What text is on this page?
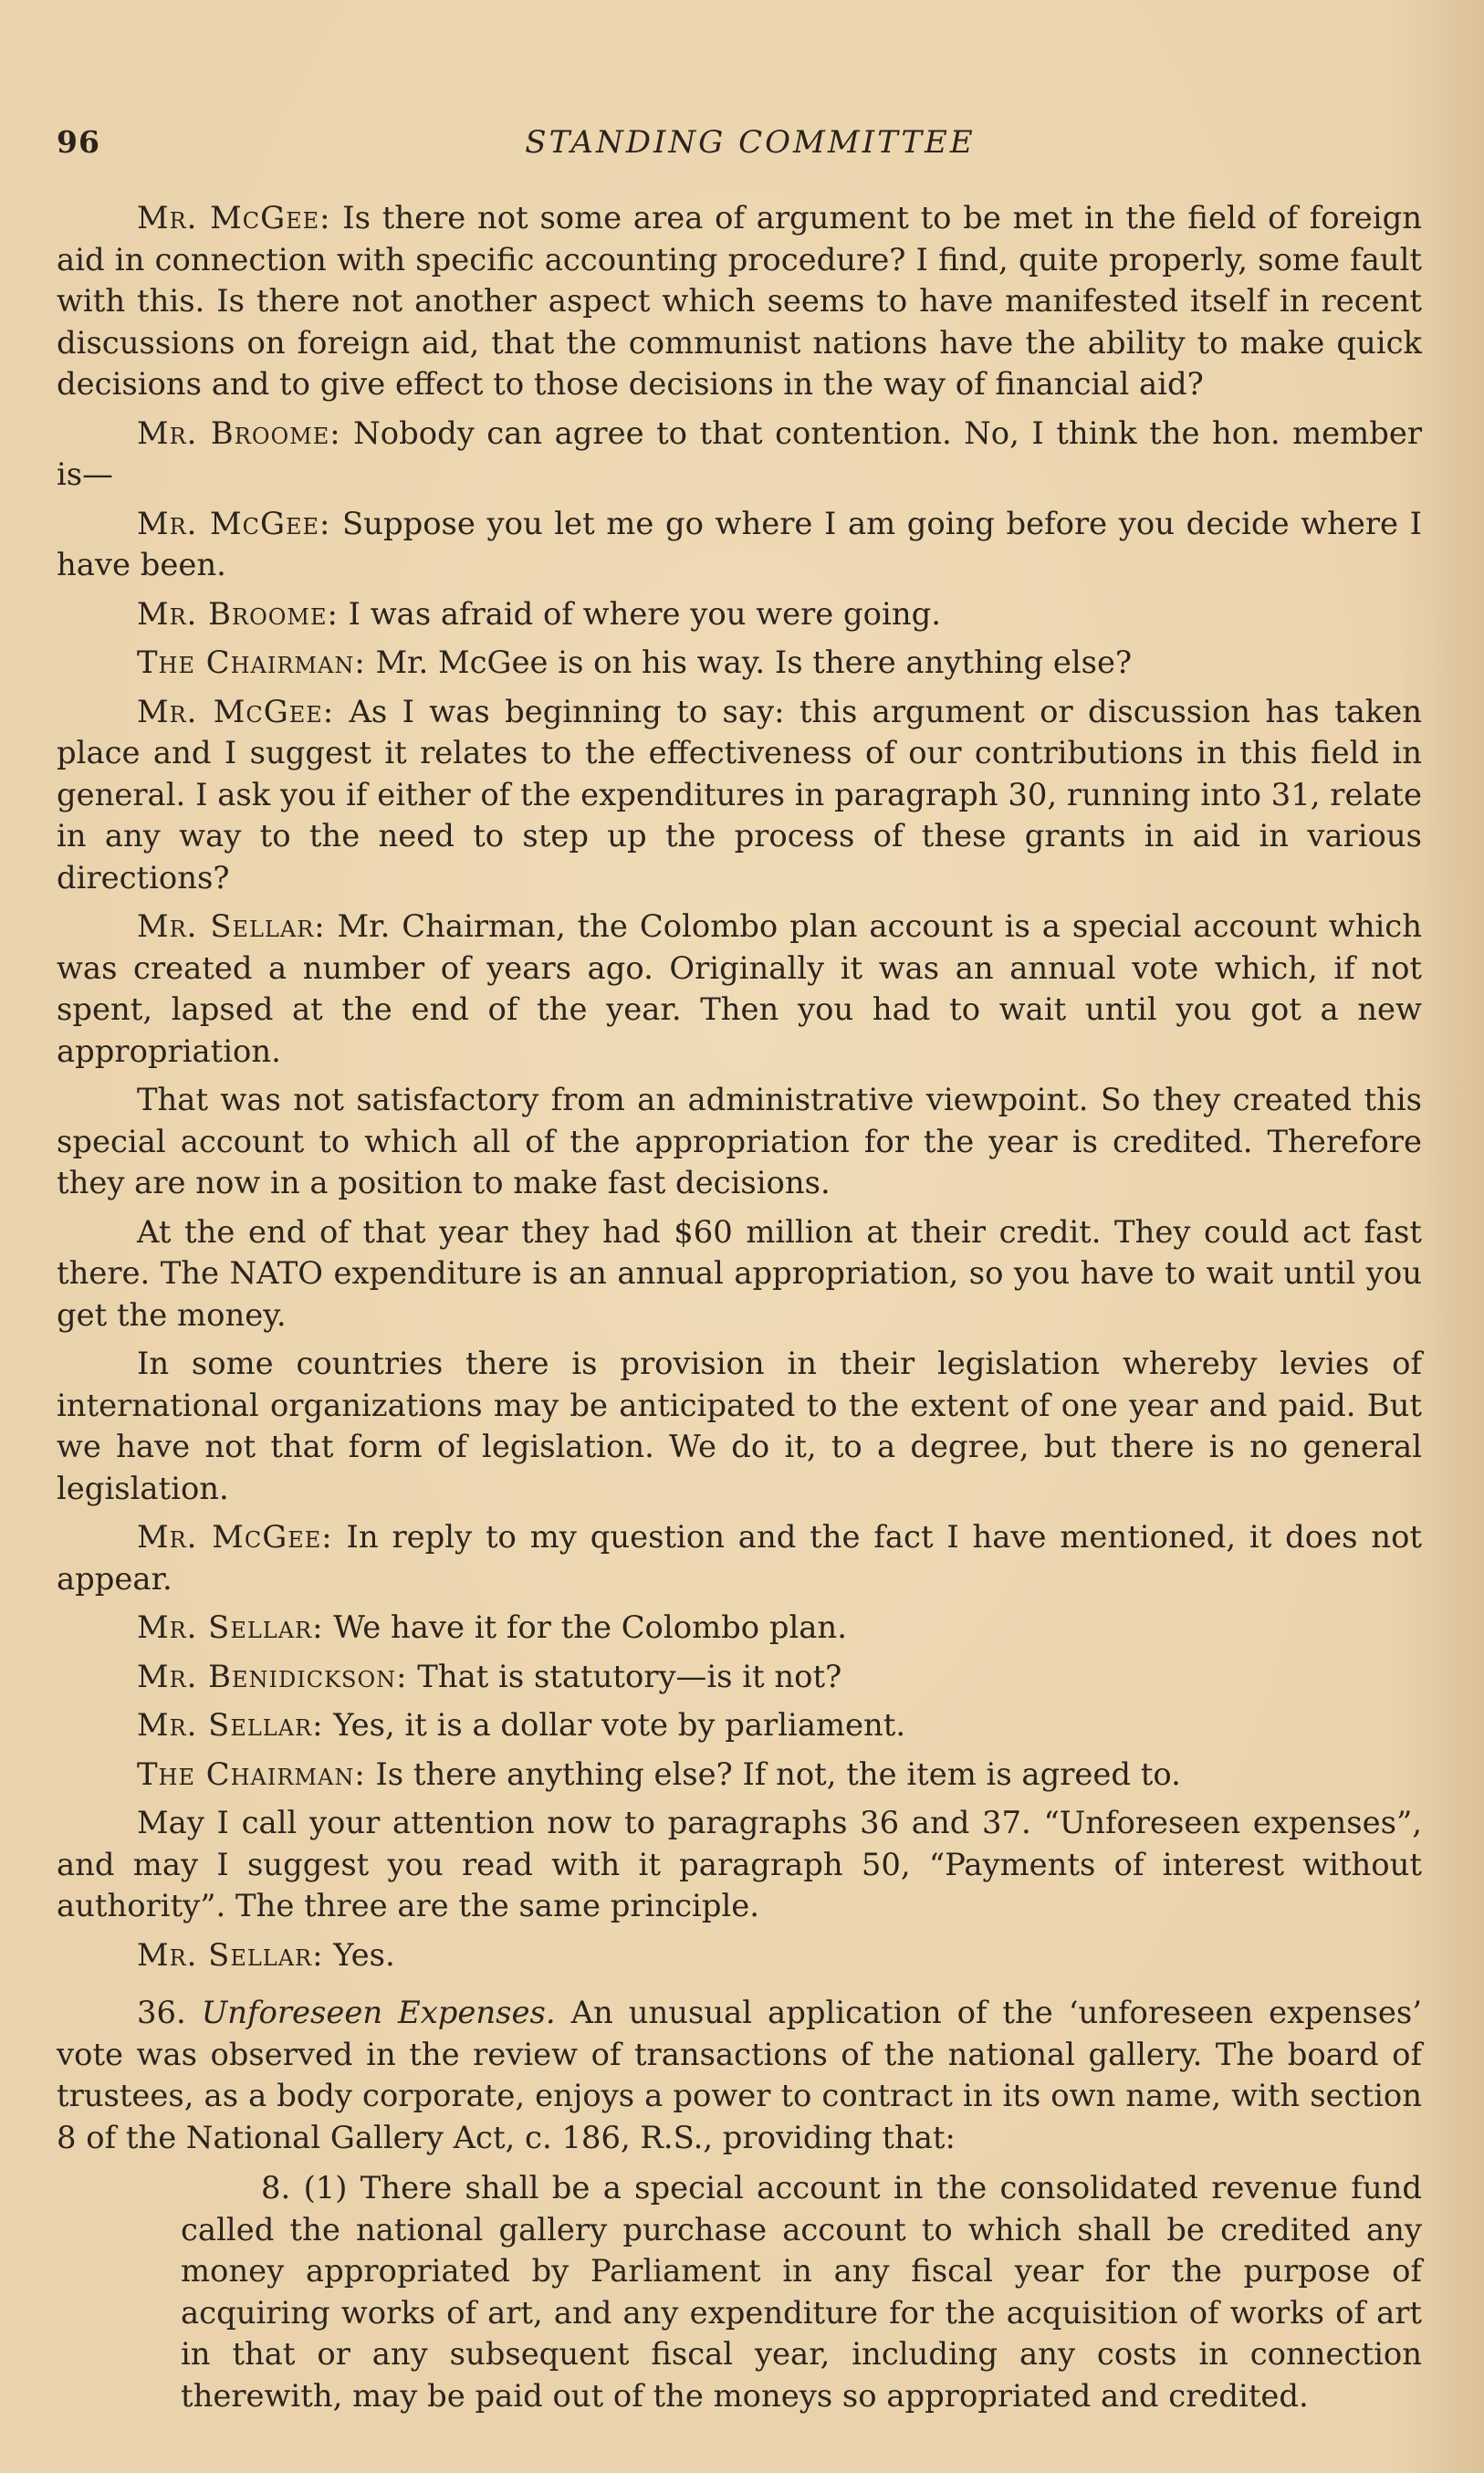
96	STANDING COMMITTEE

Mr. McGee: Is there not some area of argument to be met in the field of foreign aid in connection with specific accounting procedure? I find, quite properly, some fault with this. Is there not another aspect which seems to have manifested itself in recent discussions on foreign aid, that the communist nations have the ability to make quick decisions and to give effect to those decisions in the way of financial aid?

Mr. Broome: Nobody can agree to that contention. No, I think the hon. member is—

Mr. McGee: Suppose you let me go where I am going before you decide where I have been.

Mr. Broome: I was afraid of where you were going.

The Chairman: Mr. McGee is on his way. Is there anything else?

Mr. McGee: As I was beginning to say: this argument or discussion has taken place and I suggest it relates to the effectiveness of our contributions in this field in general. I ask you if either of the expenditures in paragraph 30, running into 31, relate in any way to the need to step up the process of these grants in aid in various directions?

Mr. Sellar: Mr. Chairman, the Colombo plan account is a special account which was created a number of years ago. Originally it was an annual vote which, if not spent, lapsed at the end of the year. Then you had to wait until you got a new appropriation.

That was not satisfactory from an administrative viewpoint. So they created this special account to which all of the appropriation for the year is credited. Therefore they are now in a position to make fast decisions.

At the end of that year they had $60 million at their credit. They could act fast there. The NATO expenditure is an annual appropriation, so you have to wait until you get the money.

In some countries there is provision in their legislation whereby levies of international organizations may be anticipated to the extent of one year and paid. But we have not that form of legislation. We do it, to a degree, but there is no general legislation.

Mr. McGee: In reply to my question and the fact I have mentioned, it does not appear.

Mr. Sellar: We have it for the Colombo plan.

Mr. Benidickson: That is statutory—is it not?

Mr. Sellar: Yes, it is a dollar vote by parliament.

The Chairman: Is there anything else? If not, the item is agreed to.

May I call your attention now to paragraphs 36 and 37. “Unforeseen expenses”, and may I suggest you read with it paragraph 50, “Payments of interest without authority”. The three are the same principle.

Mr. Sellar: Yes.

36. Unforeseen Expenses. An unusual application of the ‘unforeseen expenses’ vote was observed in the review of transactions of the national gallery. The board of trustees, as a body corporate, enjoys a power to contract in its own name, with section 8 of the National Gallery Act, c. 186, R.S., providing that:

8. (1) There shall be a special account in the consolidated revenue fund called the national gallery purchase account to which shall be credited any money appropriated by Parliament in any fiscal year for the purpose of acquiring works of art, and any expenditure for the acquisition of works of art in that or any subsequent fiscal year, including any costs in connection therewith, may be paid out of the moneys so appropriated and credited.
